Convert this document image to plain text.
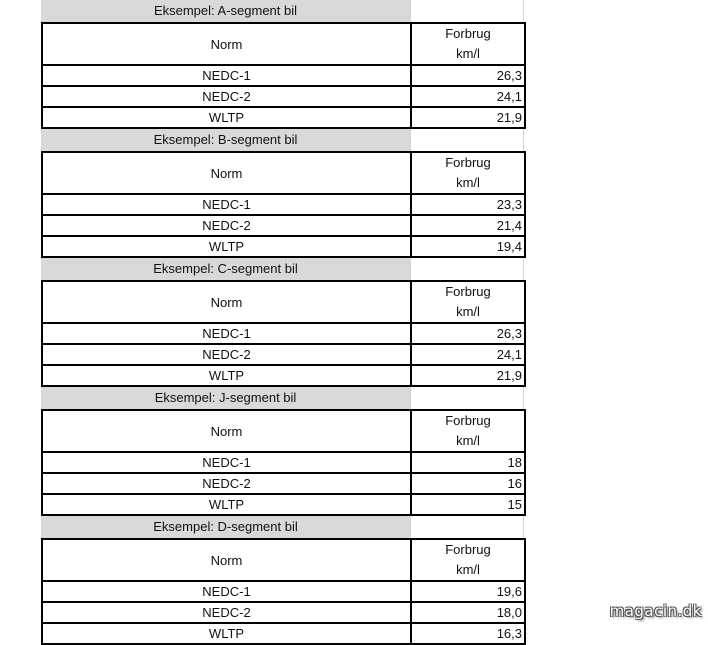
Eksempel: A-segment bil
Norm	Forbrug
km/l
NEDC-1	26,3
NEDC-2	24,1
WLTP	21,9
Eksempel: B-segment bil
Norm	Forbrug
km/l
NEDC-1	23,3
NEDC-2	21,4
WLTP	19,4
Eksempel: C-segment bil
Norm	Forbrug
km/l
NEDC-1	26,3
NEDC-2	24,1
WLTP	21,9
Eksempel: J-segment bil
Norm	Forbrug
km/l
NEDC-1	18
NEDC-2	16
WLTP	15
Eksempel: D-segment bil
Norm	Forbrug
km/l
NEDC-1	19,6
NEDC-2	18,0
WLTP	16,3
magacin.dk
